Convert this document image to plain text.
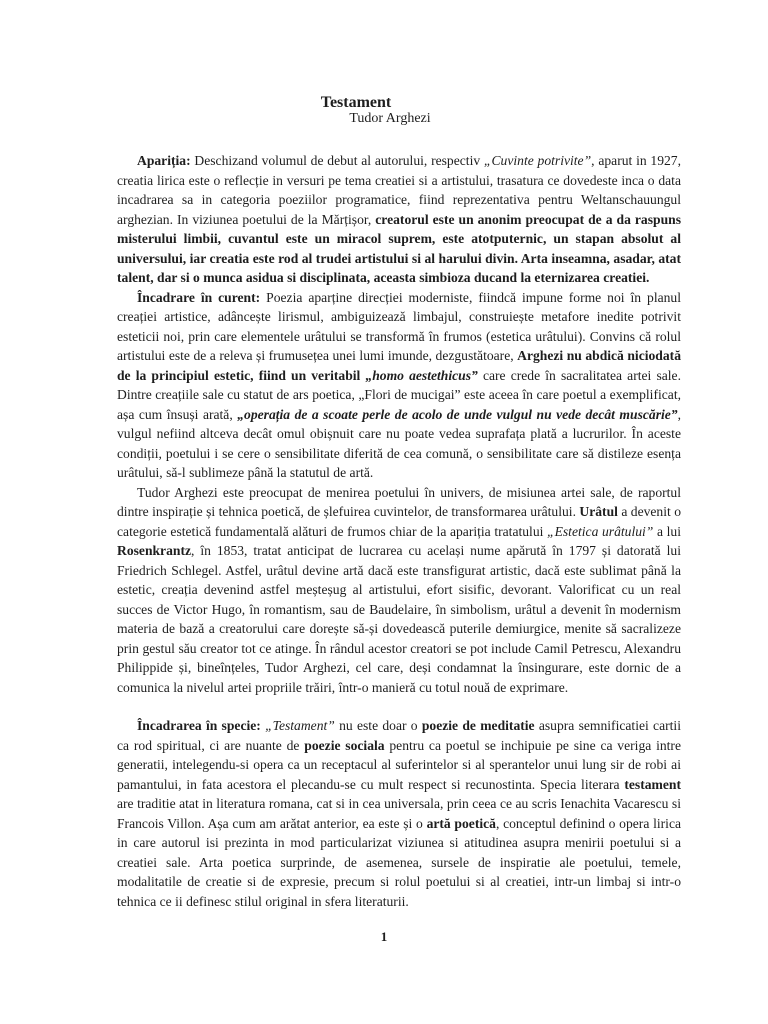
Testament
Tudor Arghezi

Apariția: Deschizand volumul de debut al autorului, respectiv „Cuvinte potrivite”, aparut in 1927, creatia lirica este o reflecție in versuri pe tema creatiei si a artistului, trasatura ce dovedeste inca o data incadrarea sa in categoria poeziilor programatice, fiind reprezentativa pentru Weltanschauungul arghezian. In viziunea poetului de la Mărțișor, creatorul este un anonim preocupat de a da raspuns misterului limbii, cuvantul este un miracol suprem, este atotputernic, un stapan absolut al universului, iar creatia este rod al trudei artistului si al harului divin. Arta inseamna, asadar, atat talent, dar si o munca asidua si disciplinata, aceasta simbioza ducand la eternizarea creatiei.

Încadrare în curent: Poezia aparține direcției moderniste, fiindcă impune forme noi în planul creației artistice, adâncește lirismul, ambiguizează limbajul, construiește metafore inedite potrivit esteticii noi, prin care elementele urâtului se transformă în frumos (estetica urâtului). Convins că rolul artistului este de a releva și frumusețea unei lumi imunde, dezgustătoare, Arghezi nu abdică niciodată de la principiul estetic, fiind un veritabil „homo aestethicus” care crede în sacralitatea artei sale. Dintre creațiile sale cu statut de ars poetica, „Flori de mucigai” este aceea în care poetul a exemplificat, așa cum însuși arată, „operația de a scoate perle de acolo de unde vulgul nu vede decât muscărie”, vulgul nefiind altceva decât omul obișnuit care nu poate vedea suprafața plată a lucrurilor. În aceste condiții, poetului i se cere o sensibilitate diferită de cea comună, o sensibilitate care să distileze esența urâtului, să-l sublimeze până la statutul de artă.

Tudor Arghezi este preocupat de menirea poetului în univers, de misiunea artei sale, de raportul dintre inspirație și tehnica poetică, de șlefuirea cuvintelor, de transformarea urâtului. Urâtul a devenit o categorie estetică fundamentală alături de frumos chiar de la apariția tratatului „Estetica urâtului” a lui Rosenkrantz, în 1853, tratat anticipat de lucrarea cu același nume apărută în 1797 și datorată lui Friedrich Schlegel. Astfel, urâtul devine artă dacă este transfigurat artistic, dacă este sublimat până la estetic, creația devenind astfel meșteșug al artistului, efort sisific, devorant. Valorificat cu un real succes de Victor Hugo, în romantism, sau de Baudelaire, în simbolism, urâtul a devenit în modernism materia de bază a creatorului care dorește să-și dovedească puterile demiurgice, menite să sacralizeze prin gestul său creator tot ce atinge. În rândul acestor creatori se pot include Camil Petrescu, Alexandru Philippide și, bineînțeles, Tudor Arghezi, cel care, deși condamnat la însingurare, este dornic de a comunica la nivelul artei propriile trăiri, într-o manieră cu totul nouă de exprimare.

Încadrarea în specie: „Testament” nu este doar o poezie de meditatie asupra semnificatiei cartii ca rod spiritual, ci are nuante de poezie sociala pentru ca poetul se inchipuie pe sine ca veriga intre generatii, intelegendu-si opera ca un receptacul al suferintelor si al sperantelor unui lung sir de robi ai pamantului, in fata acestora el plecandu-se cu mult respect si recunostinta. Specia literara testament are traditie atat in literatura romana, cat si in cea universala, prin ceea ce au scris Ienachita Vacarescu si Francois Villon. Așa cum am arătat anterior, ea este și o artă poetică, conceptul definind o opera lirica in care autorul isi prezinta in mod particularizat viziunea si atitudinea asupra menirii poetului si a creatiei sale. Arta poetica surprinde, de asemenea, sursele de inspiratie ale poetului, temele, modalitatile de creatie si de expresie, precum si rolul poetului si al creatiei, intr-un limbaj si intr-o tehnica ce ii definesc stilul original in sfera literaturii.

1
